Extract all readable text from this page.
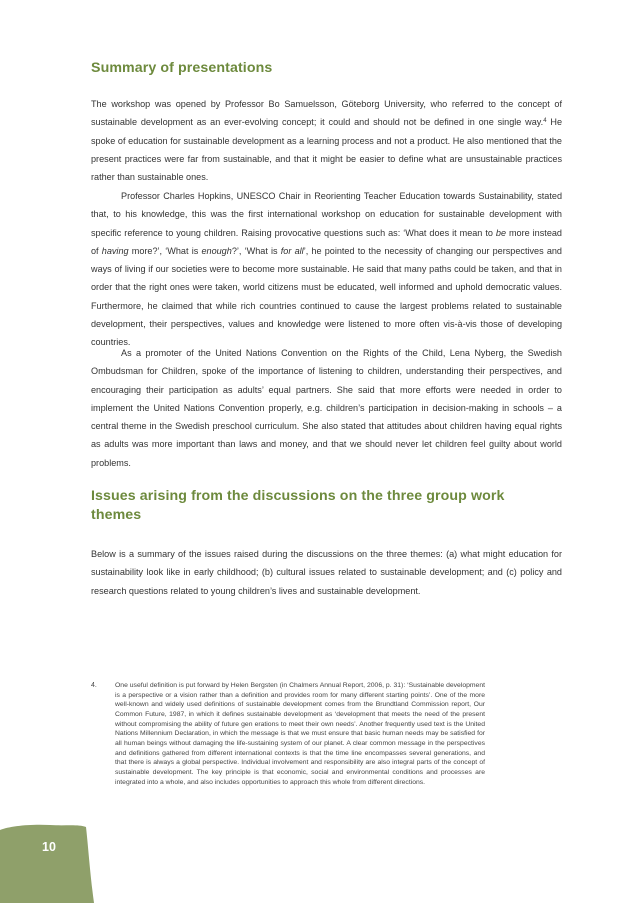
10
Summary of presentations

The workshop was opened by Professor Bo Samuelsson, Göteborg University, who referred to the concept of sustainable development as an ever-evolving concept; it could and should not be defined in one single way.$^4$ He spoke of education for sustainable development as a learning process and not a product. He also mentioned that the present practices were far from sustainable, and that it might be easier to define what are unsustainable practices rather than sustainable ones.

Professor Charles Hopkins, UNESCO Chair in Reorienting Teacher Education towards Sustainability, stated that, to his knowledge, this was the first international workshop on education for sustainable development with specific reference to young children. Raising provocative questions such as: ‘What does it mean to be more instead of having more?’, ‘What is enough?’, ‘What is for all’, he pointed to the necessity of changing our perspectives and ways of living if our societies were to become more sustainable. He said that many paths could be taken, and that in order that the right ones were taken, world citizens must be educated, well informed and uphold democratic values. Furthermore, he claimed that while rich countries continued to cause the largest problems related to sustainable development, their perspectives, values and knowledge were listened to more often vis-à-vis those of developing countries.

As a promoter of the United Nations Convention on the Rights of the Child, Lena Nyberg, the Swedish Ombudsman for Children, spoke of the importance of listening to children, understanding their perspectives, and encouraging their participation as adults’ equal partners. She said that more efforts were needed in order to implement the United Nations Convention properly, e.g. children’s participation in decision-making in schools – a central theme in the Swedish preschool curriculum. She also stated that attitudes about children having equal rights as adults was more important than laws and money, and that we should never let children feel guilty about world problems.

Issues arising from the discussions on the three group work themes

Below is a summary of the issues raised during the discussions on the three themes: (a) what might education for sustainability look like in early childhood; (b) cultural issues related to sustainable development; and (c) policy and research questions related to young children’s lives and sustainable development.

4.	One useful definition is put forward by Helen Bergsten (in Chalmers Annual Report, 2006, p. 31): ‘Sustainable development is a perspective or a vision rather than a definition and provides room for many different starting points’. One of the more well-known and widely used definitions of sustainable development comes from the Brundtland Commission report, Our Common Future, 1987, in which it defines sustainable development as ‘development that meets the need of the present without compromising the ability of future gen erations to meet their own needs’. Another frequently used text is the United Nations Millennium Declaration, in which the message is that we must ensure that basic human needs may be satisfied for all human beings without damaging the life-sustaining system of our planet. A clear common message in the perspectives and definitions gathered from different international contexts is that the time line encompasses several generations, and that there is always a global perspective. Individual involvement and responsibility are also integral parts of the concept of sustainable development. The key principle is that economic, social and environmental conditions and processes are integrated into a whole, and also includes opportunities to approach this whole from different directions.
